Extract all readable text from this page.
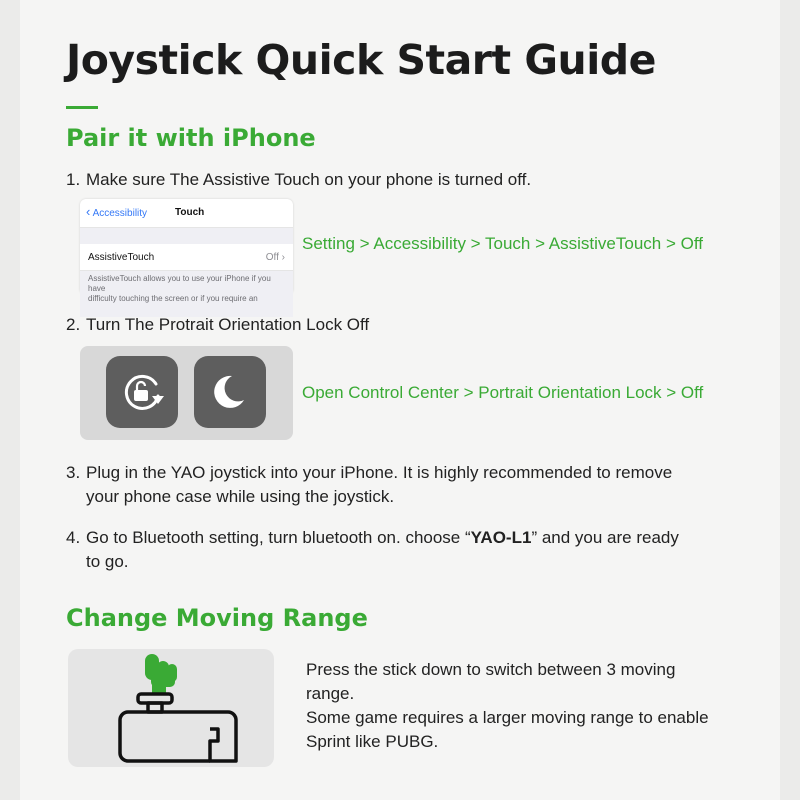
Joystick Quick Start Guide
Pair it with iPhone
1. Make sure The Assistive Touch on your phone is turned off.
‹ Accessibility	Touch
AssistiveTouch	Off ›
AssistiveTouch allows you to use your iPhone if you have
difficulty touching the screen or if you require an
Setting > Accessibility > Touch > AssistiveTouch > Off
2. Turn The Protrait Orientation Lock Off
Open Control Center > Portrait Orientation Lock > Off
3. Plug in the YAO joystick into your iPhone. It is highly recommended to remove
your phone case while using the joystick.
4. Go to Bluetooth setting, turn bluetooth on. choose “YAO-L1” and you are ready
to go.
Change Moving Range

Press the stick down to switch between 3 moving

range.

Some game requires a larger moving range to enable

Sprint like PUBG.
